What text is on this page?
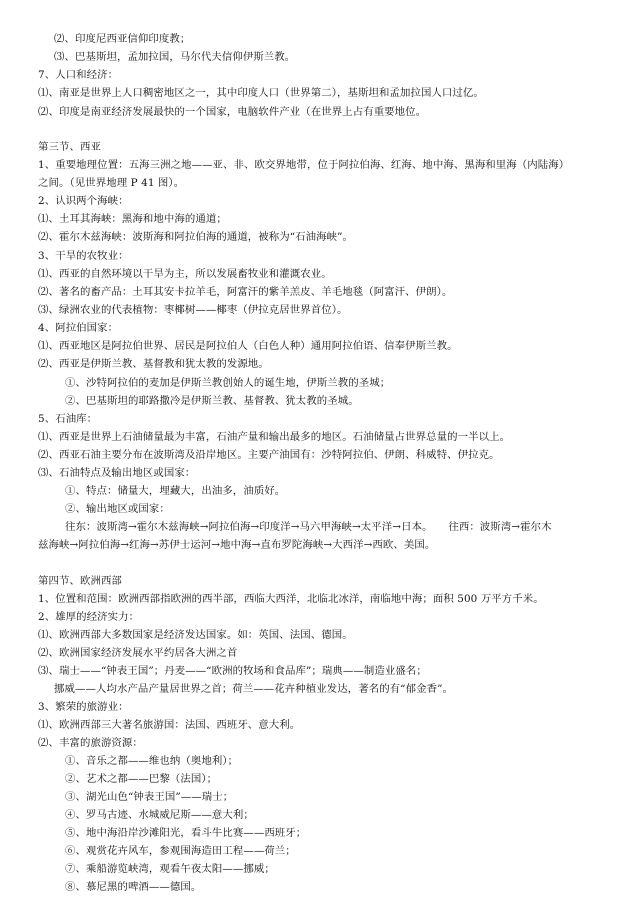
⑵、印度尼西亚信仰印度教；
⑶、巴基斯坦，孟加拉国，马尔代夫信仰伊斯兰教。
7、人口和经济：
⑴、南亚是世界上人口稠密地区之一，其中印度人口（世界第二），基斯坦和孟加拉国人口过亿。
⑵、印度是南亚经济发展最快的一个国家，电脑软件产业（在世界上占有重要地位。
第三节、西亚
1、重要地理位置：五海三洲之地——亚、非、欧交界地带，位于阿拉伯海、红海、地中海、黑海和里海（内陆海）
之间。（见世界地理 P 41 图）。
2、认识两个海峡：
⑴、土耳其海峡：黑海和地中海的通道；
⑵、霍尔木兹海峡：波斯海和阿拉伯海的通道，被称为“石油海峡”。
3、干旱的农牧业：
⑴、西亚的自然环境以干旱为主，所以发展畜牧业和灌溉农业。
⑵、著名的畜产品：土耳其安卡拉羊毛，阿富汗的紫羊羔皮、羊毛地毯（阿富汗、伊朗）。
⑶、绿洲农业的代表植物：枣椰树——椰枣（伊拉克居世界首位）。
4、阿拉伯国家：
⑴、西亚地区是阿拉伯世界、居民是阿拉伯人（白色人种）通用阿拉伯语、信奉伊斯兰教。
⑵、西亚是伊斯兰教、基督教和犹太教的发源地。
①、沙特阿拉伯的麦加是伊斯兰教创始人的诞生地，伊斯兰教的圣城；
②、巴基斯坦的耶路撒冷是伊斯兰教、基督教、犹太教的圣城。
5、石油库：
⑴、西亚是世界上石油储量最为丰富，石油产量和输出最多的地区。石油储量占世界总量的一半以上。
⑵、西亚石油主要分布在波斯湾及沿岸地区。主要产油国有：沙特阿拉伯、伊朗、科威特、伊拉克。
⑶、石油特点及输出地区或国家：
①、特点：储量大，埋藏大，出油多，油质好。
②、输出地区或国家：
往东：波斯湾→霍尔木兹海峡→阿拉伯海→印度洋→马六甲海峡→太平洋→日本。　　往西：波斯湾→霍尔木
兹海峡→阿拉伯海→红海→苏伊士运河→地中海→直布罗陀海峡→大西洋→西欧、美国。
第四节、欧洲西部
1、位置和范围：欧洲西部指欧洲的西半部，西临大西洋，北临北冰洋，南临地中海；面积 500 万平方千米。
2、雄厚的经济实力：
⑴、欧洲西部大多数国家是经济发达国家。如：英国、法国、德国。
⑵、欧洲国家经济发展水平约居各大洲之首
⑶、瑞士——“钟表王国”；丹麦——“欧洲的牧场和食品库”；瑞典——制造业盛名；
挪威——人均水产品产量居世界之首；荷兰——花卉种植业发达，著名的有“郁金香”。
3、繁荣的旅游业：
⑴、欧洲西部三大著名旅游国：法国、西班牙、意大利。
⑵、丰富的旅游资源：
①、音乐之都——维也纳（奥地利）；
②、艺术之都——巴黎（法国）；
③、湖光山色“钟表王国”——瑞士；
④、罗马古迹、水城威尼斯——意大利；
⑤、地中海沿岸沙滩阳光，看斗牛比赛——西班牙；
⑥、观赏花卉风车，参观围海造田工程——荷兰；
⑦、乘船游览峡湾，观看午夜太阳——挪威；
⑧、慕尼黑的啤酒——德国。
